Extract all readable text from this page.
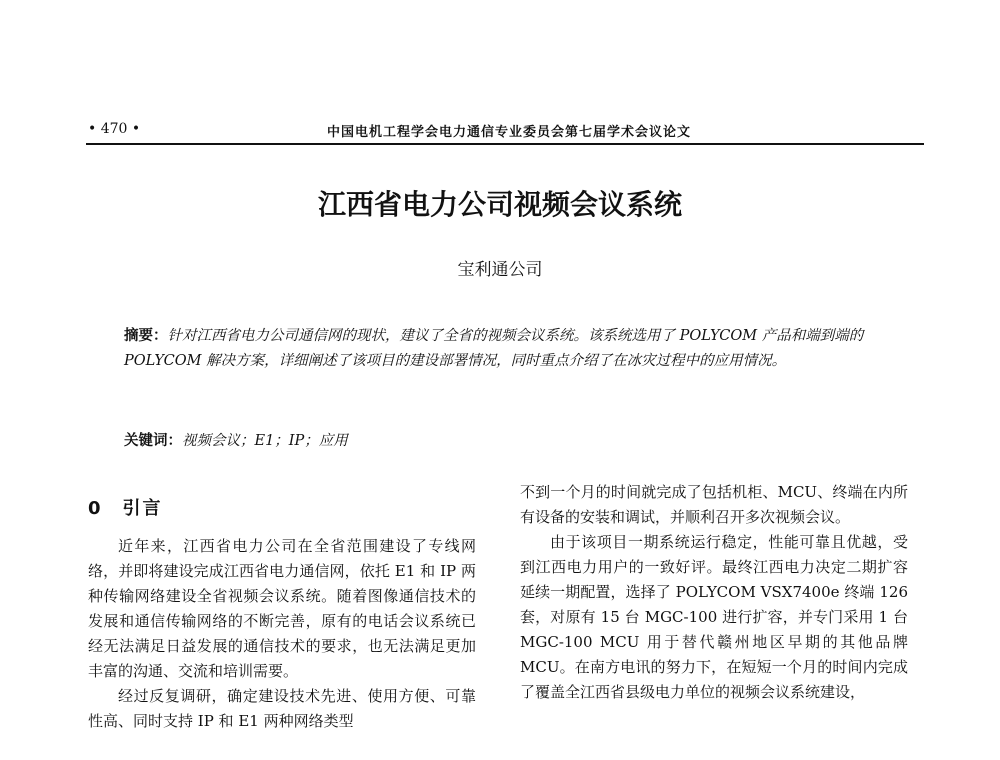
• 470 •	中国电机工程学会电力通信专业委员会第七届学术会议论文
江西省电力公司视频会议系统
宝利通公司
摘要：针对江西省电力公司通信网的现状，建议了全省的视频会议系统。该系统选用了 POLYCOM 产品和端到端的 POLYCOM 解决方案，详细阐述了该项目的建设部署情况，同时重点介绍了在冰灾过程中的应用情况。
关键词：视频会议；E1；IP；应用
0　引言

近年来，江西省电力公司在全省范围建设了专线网络，并即将建设完成江西省电力通信网，依托 E1 和 IP 两种传输网络建设全省视频会议系统。随着图像通信技术的发展和通信传输网络的不断完善，原有的电话会议系统已经无法满足日益发展的通信技术的要求，也无法满足更加丰富的沟通、交流和培训需要。

经过反复调研，确定建设技术先进、使用方便、可靠性高、同时支持 IP 和 E1 两种网络类型

不到一个月的时间就完成了包括机柜、MCU、终端在内所有设备的安装和调试，并顺利召开多次视频会议。

由于该项目一期系统运行稳定，性能可靠且优越，受到江西电力用户的一致好评。最终江西电力决定二期扩容延续一期配置，选择了 POLYCOM VSX7400e 终端 126 套，对原有 15 台 MGC-100 进行扩容，并专门采用 1 台 MGC-100 MCU 用于替代赣州地区早期的其他品牌 MCU。在南方电讯的努力下，在短短一个月的时间内完成了覆盖全江西省县级电力单位的视频会议系统建设，
